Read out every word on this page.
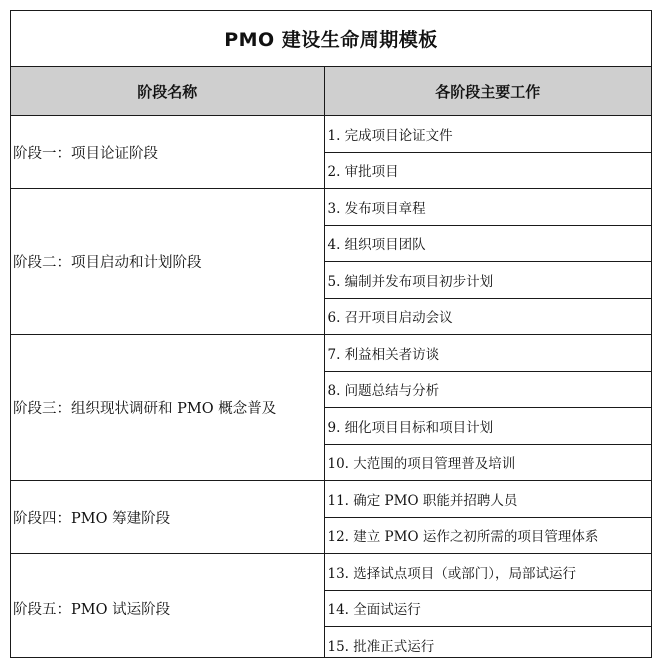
PMO 建设生命周期模板
阶段名称	各阶段主要工作
阶段一：项目论证阶段	1. 完成项目论证文件
	2. 审批项目
阶段二：项目启动和计划阶段	3. 发布项目章程
	4. 组织项目团队
	5. 编制并发布项目初步计划
	6. 召开项目启动会议
阶段三：组织现状调研和 PMO 概念普及	7. 利益相关者访谈
	8. 问题总结与分析
	9. 细化项目目标和项目计划
	10. 大范围的项目管理普及培训
阶段四：PMO 筹建阶段	11. 确定 PMO 职能并招聘人员
	12. 建立 PMO 运作之初所需的项目管理体系
阶段五：PMO 试运阶段	13. 选择试点项目（或部门），局部试运行
	14. 全面试运行
	15. 批准正式运行
